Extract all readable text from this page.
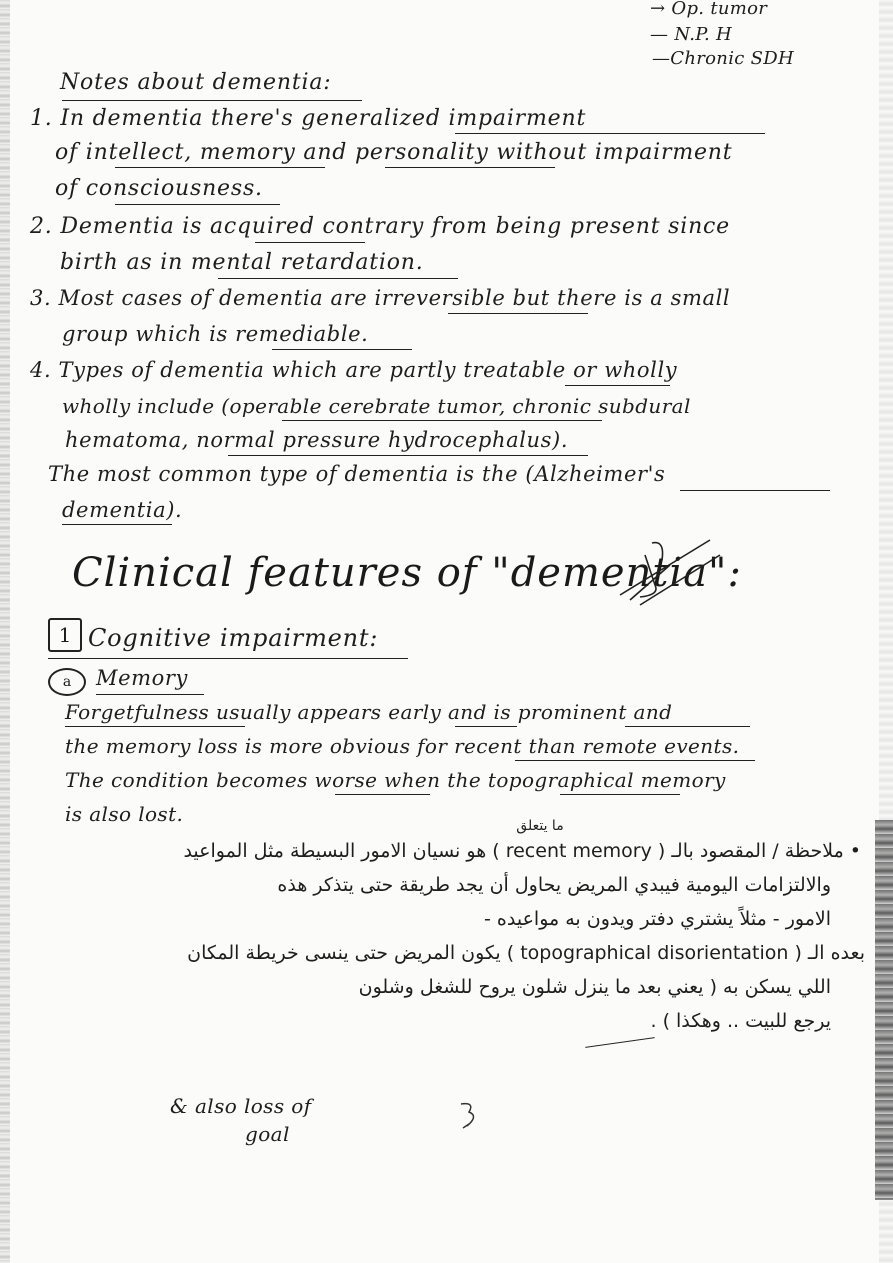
→ Op. tumor
— N.P. H
—Chronic SDH
Notes about dementia:
1. In dementia there's generalized impairment
of intellect, memory and personality without impairment
of consciousness.
2. Dementia is acquired contrary from being present since
birth as in mental retardation.
3. Most cases of dementia are irreversible but there is a small
group which is remediable.
4. Types of dementia which are partly treatable or wholly
wholly include (operable cerebrate tumor, chronic subdural
hematoma, normal pressure hydrocephalus).
The most common type of dementia is the (Alzheimer's
dementia).
Clinical features of "dementia":
1 Cognitive impairment:
a	Memory
Forgetfulness usually appears early and is prominent and
the memory loss is more obvious for recent than remote events.
The condition becomes worse when the topographical memory
is also lost.	ما يتعلق
• ملاحظة / المقصود بالـ ( recent memory ) هو نسيان الامور البسيطة مثل المواعيد
والالتزامات اليومية فيبدي المريض يحاول أن يجد طريقة حتى يتذكر هذه
الامور - مثلاً يشتري دفتر ويدون به مواعيده -
بعده الـ ( topographical disorientation ) يكون المريض حتى ينسى خريطة المكان
اللي يسكن به ( يعني بعد ما ينزل شلون يروح للشغل وشلون
يرجع للبيت .. وهكذا ) .
& also loss of
goal
